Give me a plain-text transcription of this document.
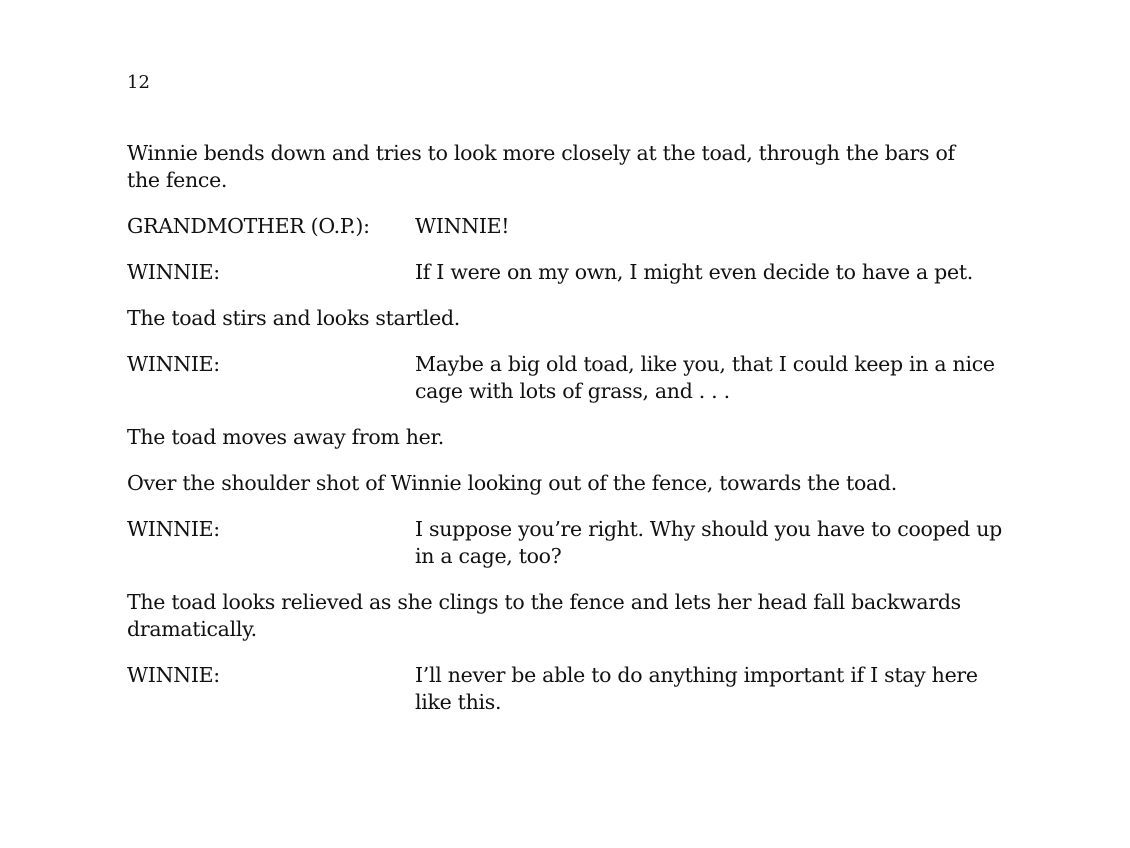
12

Winnie bends down and tries to look more closely at the toad, through the bars of the fence.

GRANDMOTHER (O.P.):	WINNIE!
WINNIE:	If I were on my own, I might even decide to have a pet.

The toad stirs and looks startled.

WINNIE:	Maybe a big old toad, like you, that I could keep in a nice cage with lots of grass, and . . .

The toad moves away from her.

Over the shoulder shot of Winnie looking out of the fence, towards the toad.

WINNIE:	I suppose you’re right. Why should you have to cooped up in a cage, too?

The toad looks relieved as she clings to the fence and lets her head fall backwards dramatically.

WINNIE:	I’ll never be able to do anything important if I stay here like this.
